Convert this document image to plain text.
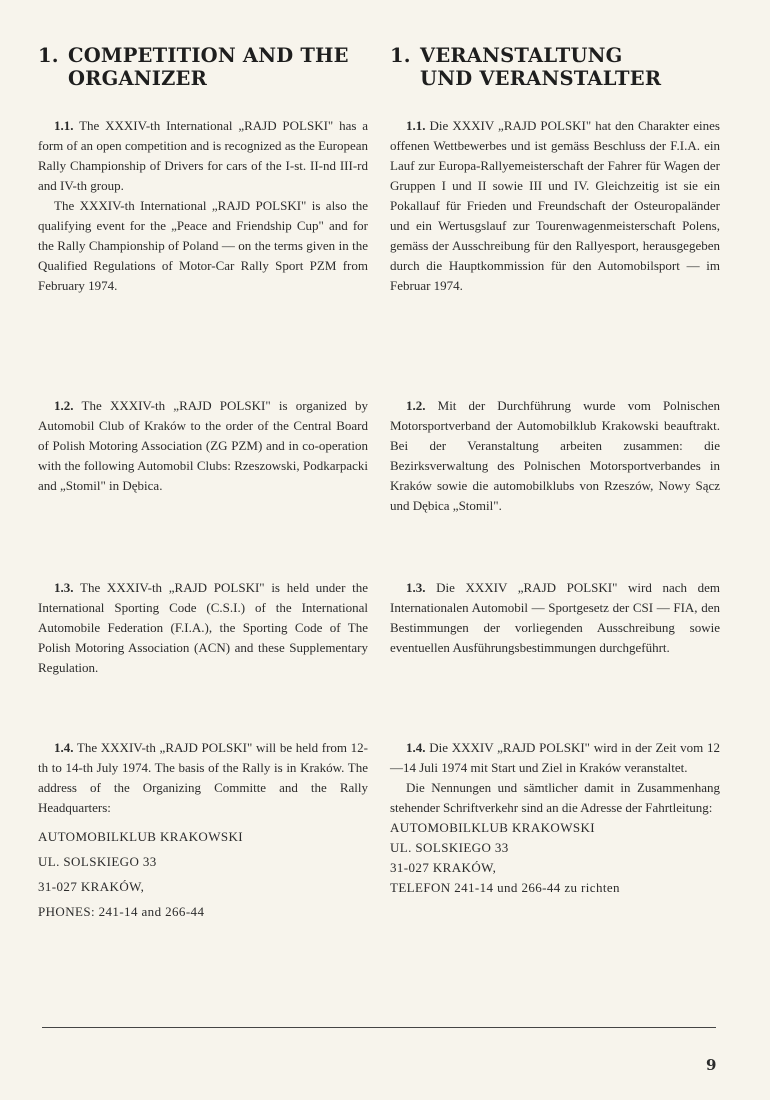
1. COMPETITION AND THE
ORGANIZER

1.1. The XXXIV-th International „RAJD POLSKI" has a form of an open competition and is recognized as the European Rally Championship of Drivers for cars of the I-st. II-nd III-rd and IV-th group.

The XXXIV-th International „RAJD POLSKI" is also the qualifying event for the „Peace and Friendship Cup" and for the Rally Championship of Poland — on the terms given in the Qualified Regulations of Motor-Car Rally Sport PZM from February 1974.

1.2. The XXXIV-th „RAJD POLSKI" is organized by Automobil Club of Kraków to the order of the Central Board of Polish Motoring Association (ZG PZM) and in co-operation with the following Automobil Clubs: Rzeszowski, Podkarpacki and „Stomil" in Dębica.

1.3. The XXXIV-th „RAJD POLSKI" is held under the International Sporting Code (C.S.I.) of the International Automobile Federation (F.I.A.), the Sporting Code of The Polish Motoring Association (ACN) and these Supplementary Regulation.

1.4. The XXXIV-th „RAJD POLSKI" will be held from 12-th to 14-th July 1974. The basis of the Rally is in Kraków. The address of the Organizing Committe and the Rally Headquarters:

AUTOMOBILKLUB KRAKOWSKI
UL. SOLSKIEGO 33
31-027 KRAKÓW,
PHONES: 241-14 and 266-44
1. VERANSTALTUNG
UND VERANSTALTER

1.1. Die XXXIV „RAJD POLSKI" hat den Charakter eines offenen Wettbewerbes und ist gemäss Beschluss der F.I.A. ein Lauf zur Europa-Rallyemeisterschaft der Fahrer für Wagen der Gruppen I und II sowie III und IV. Gleichzeitig ist sie ein Pokallauf für Frieden und Freundschaft der Osteuropaländer und ein Wertusgslauf zur Tourenwagenmeisterschaft Polens, gemäss der Ausschreibung für den Rallyesport, herausgegeben durch die Hauptkommission für den Automobilsport — im Februar 1974.

1.2. Mit der Durchführung wurde vom Polnischen Motorsportverband der Automobilklub Krakowski beauftrakt. Bei der Veranstaltung arbeiten zusammen: die Bezirksverwaltung des Polnischen Motorsportverbandes in Kraków sowie die automobilklubs von Rzeszów, Nowy Sącz und Dębica „Stomil".

1.3. Die XXXIV „RAJD POLSKI" wird nach dem Internationalen Automobil — Sportgesetz der CSI — FIA, den Bestimmungen der vorliegenden Ausschreibung sowie eventuellen Ausführungsbestimmungen durchgeführt.

1.4. Die XXXIV „RAJD POLSKI" wird in der Zeit vom 12—14 Juli 1974 mit Start und Ziel in Kraków veranstaltet.

Die Nennungen und sämtlicher damit in Zusammenhang stehender Schriftverkehr sind an die Adresse der Fahrtleitung:

AUTOMOBILKLUB KRAKOWSKI
UL. SOLSKIEGO 33
31-027 KRAKÓW,
TELEFON 241-14 und 266-44 zu richten
9
